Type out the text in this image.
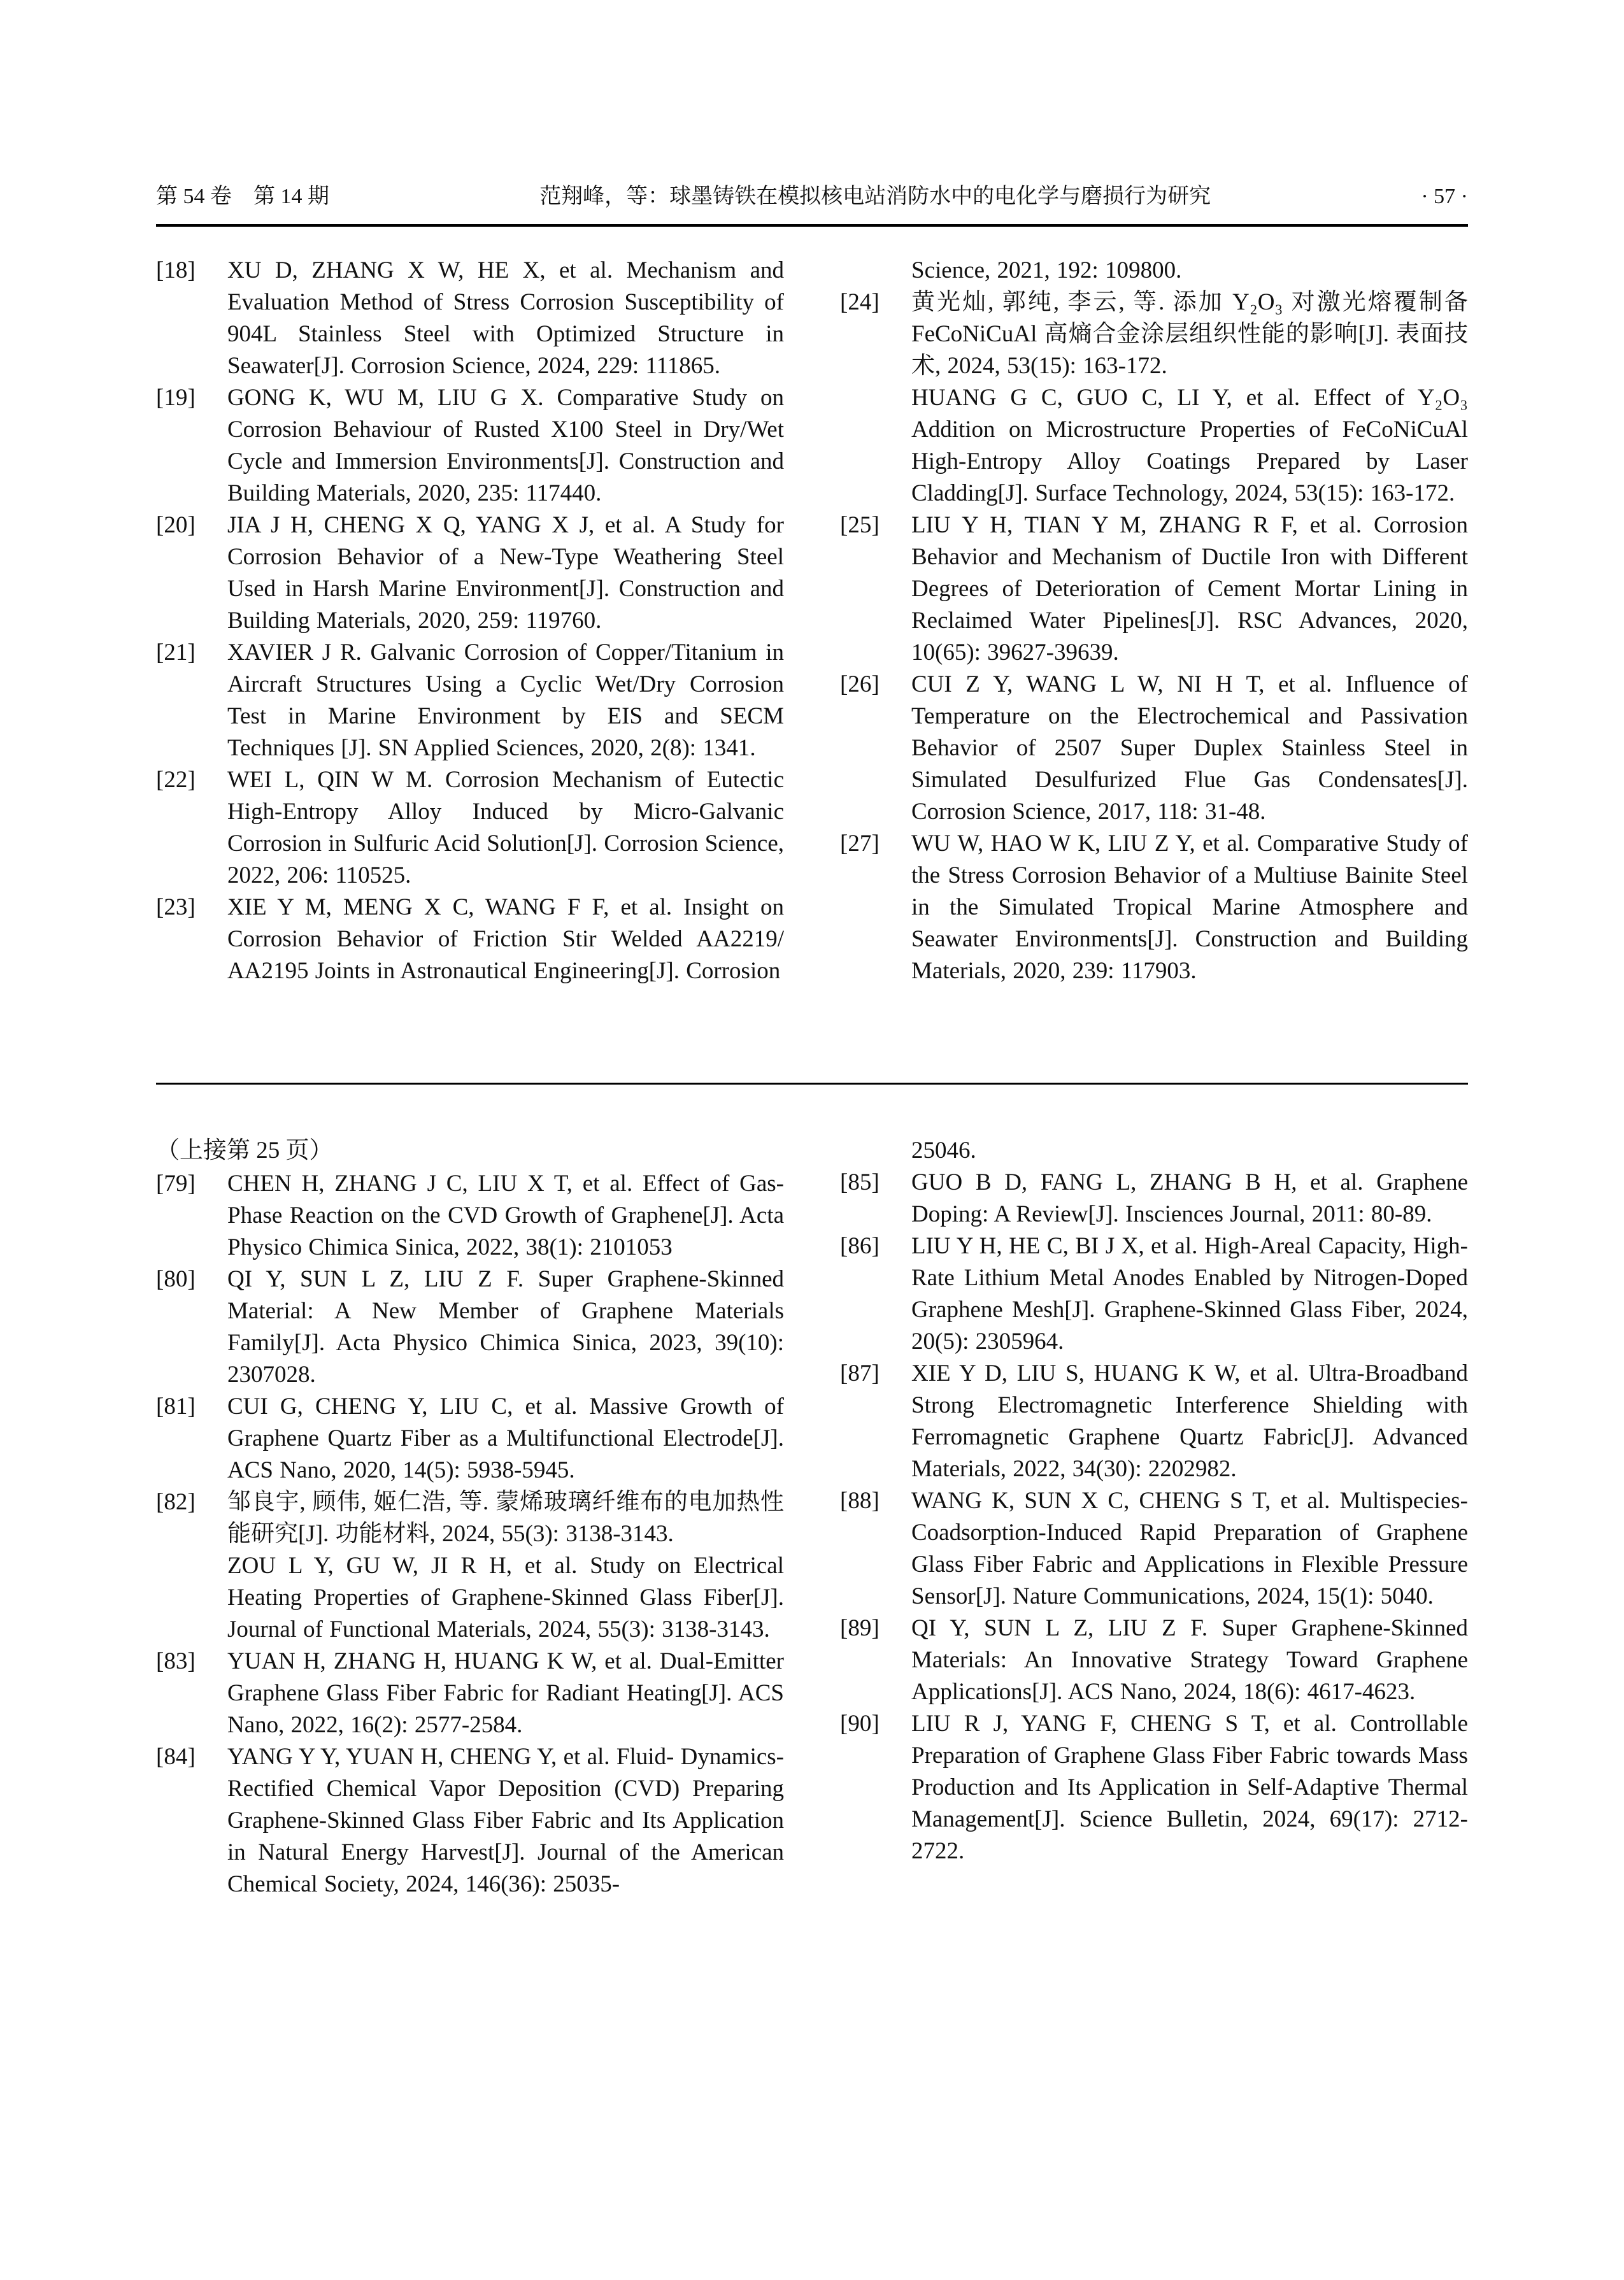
第 54 卷　第 14 期	范翔峰，等：球墨铸铁在模拟核电站消防水中的电化学与磨损行为研究	· 57 ·
[18]	XU D, ZHANG X W, HE X, et al. Mechanism and Evaluation Method of Stress Corrosion Susceptibility of 904L Stainless Steel with Optimized Structure in Seawater[J]. Corrosion Science, 2024, 229: 111865.
[19]	GONG K, WU M, LIU G X. Comparative Study on Corrosion Behaviour of Rusted X100 Steel in Dry/Wet Cycle and Immersion Environments[J]. Construction and Building Materials, 2020, 235: 117440.
[20]	JIA J H, CHENG X Q, YANG X J, et al. A Study for Corrosion Behavior of a New-Type Weathering Steel Used in Harsh Marine Environment[J]. Construction and Building Materials, 2020, 259: 119760.
[21]	XAVIER J R. Galvanic Corrosion of Copper/Titanium in Aircraft Structures Using a Cyclic Wet/Dry Corrosion Test in Marine Environment by EIS and SECM Techniques [J]. SN Applied Sciences, 2020, 2(8): 1341.
[22]	WEI L, QIN W M. Corrosion Mechanism of Eutectic High-Entropy Alloy Induced by Micro-Galvanic Corrosion in Sulfuric Acid Solution[J]. Corrosion Science, 2022, 206: 110525.
[23]	XIE Y M, MENG X C, WANG F F, et al. Insight on Corrosion Behavior of Friction Stir Welded AA2219/ AA2195 Joints in Astronautical Engineering[J]. Corrosion
Science, 2021, 192: 109800.
[24]	黄光灿, 郭纯, 李云, 等. 添加 Y₂O₃ 对激光熔覆制备 FeCoNiCuAl 高熵合金涂层组织性能的影响[J]. 表面技术, 2024, 53(15): 163-172.
HUANG G C, GUO C, LI Y, et al. Effect of Y₂O₃ Addition on Microstructure Properties of FeCoNiCuAl High-Entropy Alloy Coatings Prepared by Laser Cladding[J]. Surface Technology, 2024, 53(15): 163-172.
[25]	LIU Y H, TIAN Y M, ZHANG R F, et al. Corrosion Behavior and Mechanism of Ductile Iron with Different Degrees of Deterioration of Cement Mortar Lining in Reclaimed Water Pipelines[J]. RSC Advances, 2020, 10(65): 39627-39639.
[26]	CUI Z Y, WANG L W, NI H T, et al. Influence of Temperature on the Electrochemical and Passivation Behavior of 2507 Super Duplex Stainless Steel in Simulated Desulfurized Flue Gas Condensates[J]. Corrosion Science, 2017, 118: 31-48.
[27]	WU W, HAO W K, LIU Z Y, et al. Comparative Study of the Stress Corrosion Behavior of a Multiuse Bainite Steel in the Simulated Tropical Marine Atmosphere and Seawater Environments[J]. Construction and Building Materials, 2020, 239: 117903.
（上接第 25 页）
[79]	CHEN H, ZHANG J C, LIU X T, et al. Effect of Gas-Phase Reaction on the CVD Growth of Graphene[J]. Acta Physico Chimica Sinica, 2022, 38(1): 2101053
[80]	QI Y, SUN L Z, LIU Z F. Super Graphene-Skinned Material: A New Member of Graphene Materials Family[J]. Acta Physico Chimica Sinica, 2023, 39(10): 2307028.
[81]	CUI G, CHENG Y, LIU C, et al. Massive Growth of Graphene Quartz Fiber as a Multifunctional Electrode[J]. ACS Nano, 2020, 14(5): 5938-5945.
[82]	邹良宇, 顾伟, 姬仁浩, 等. 蒙烯玻璃纤维布的电加热性能研究[J]. 功能材料, 2024, 55(3): 3138-3143.
ZOU L Y, GU W, JI R H, et al. Study on Electrical Heating Properties of Graphene-Skinned Glass Fiber[J]. Journal of Functional Materials, 2024, 55(3): 3138-3143.
[83]	YUAN H, ZHANG H, HUANG K W, et al. Dual-Emitter Graphene Glass Fiber Fabric for Radiant Heating[J]. ACS Nano, 2022, 16(2): 2577-2584.
[84]	YANG Y Y, YUAN H, CHENG Y, et al. Fluid- Dynamics-Rectified Chemical Vapor Deposition (CVD) Preparing Graphene-Skinned Glass Fiber Fabric and Its Application in Natural Energy Harvest[J]. Journal of the American Chemical Society, 2024, 146(36): 25035-
25046.
[85]	GUO B D, FANG L, ZHANG B H, et al. Graphene Doping: A Review[J]. Insciences Journal, 2011: 80-89.
[86]	LIU Y H, HE C, BI J X, et al. High-Areal Capacity, High-Rate Lithium Metal Anodes Enabled by Nitrogen-Doped Graphene Mesh[J]. Graphene-Skinned Glass Fiber, 2024, 20(5): 2305964.
[87]	XIE Y D, LIU S, HUANG K W, et al. Ultra-Broadband Strong Electromagnetic Interference Shielding with Ferromagnetic Graphene Quartz Fabric[J]. Advanced Materials, 2022, 34(30): 2202982.
[88]	WANG K, SUN X C, CHENG S T, et al. Multispecies-Coadsorption-Induced Rapid Preparation of Graphene Glass Fiber Fabric and Applications in Flexible Pressure Sensor[J]. Nature Communications, 2024, 15(1): 5040.
[89]	QI Y, SUN L Z, LIU Z F. Super Graphene-Skinned Materials: An Innovative Strategy Toward Graphene Applications[J]. ACS Nano, 2024, 18(6): 4617-4623.
[90]	LIU R J, YANG F, CHENG S T, et al. Controllable Preparation of Graphene Glass Fiber Fabric towards Mass Production and Its Application in Self-Adaptive Thermal Management[J]. Science Bulletin, 2024, 69(17): 2712-2722.
